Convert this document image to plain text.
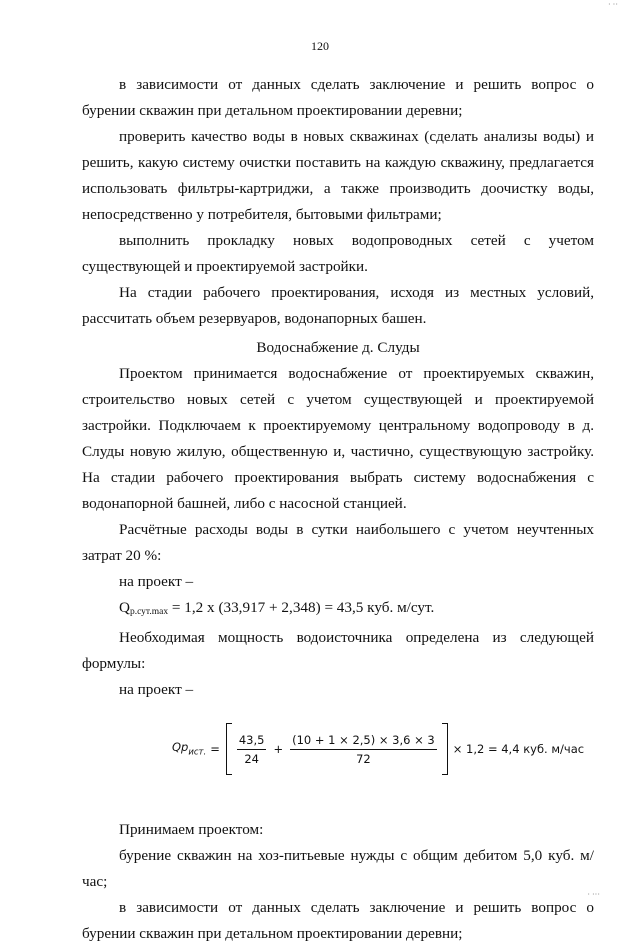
· ··
120

в зависимости от данных сделать заключение и решить вопрос о бурении скважин при детальном проектировании деревни;

проверить качество воды в новых скважинах (сделать анализы воды) и решить, какую систему очистки поставить на каждую скважину, предлагается использовать фильтры-картриджи, а также производить доочистку воды, непосредственно у потребителя, бытовыми фильтрами;

выполнить прокладку новых водопроводных сетей с учетом существующей и проектируемой застройки.

На стадии рабочего проектирования, исходя из местных условий, рассчитать объем резервуаров, водонапорных башен.

Водоснабжение д. Слуды

Проектом принимается водоснабжение от проектируемых скважин, строительство новых сетей с учетом существующей и проектируемой застройки. Подключаем к проектируемому центральному водопроводу в д. Слуды новую жилую, общественную и, частично, существующую застройку. На стадии рабочего проектирования выбрать систему водоснабжения с водонапорной башней, либо с насосной станцией.

Расчётные расходы воды в сутки наибольшего с учетом неучтенных затрат 20 %:

на проект –

$Q_{р.сут.max} = 1,2$ х (33,917 + 2,348) = 43,5 куб. м/сут.

Необходимая мощность водоисточника определена из следующей формулы:

на проект –

$Qp_{ист.} = \frac{43,5}{24} + \frac{(10 + 1 \times 2,5) \times 3,6 \times 3}{72} \times 1,2 = 4,4$ куб. м/час

Принимаем проектом:

бурение скважин на хоз-питьевые нужды с общим дебитом 5,0 куб. м/час;

в зависимости от данных сделать заключение и решить вопрос о бурении скважин при детальном проектировании деревни;

· ···
